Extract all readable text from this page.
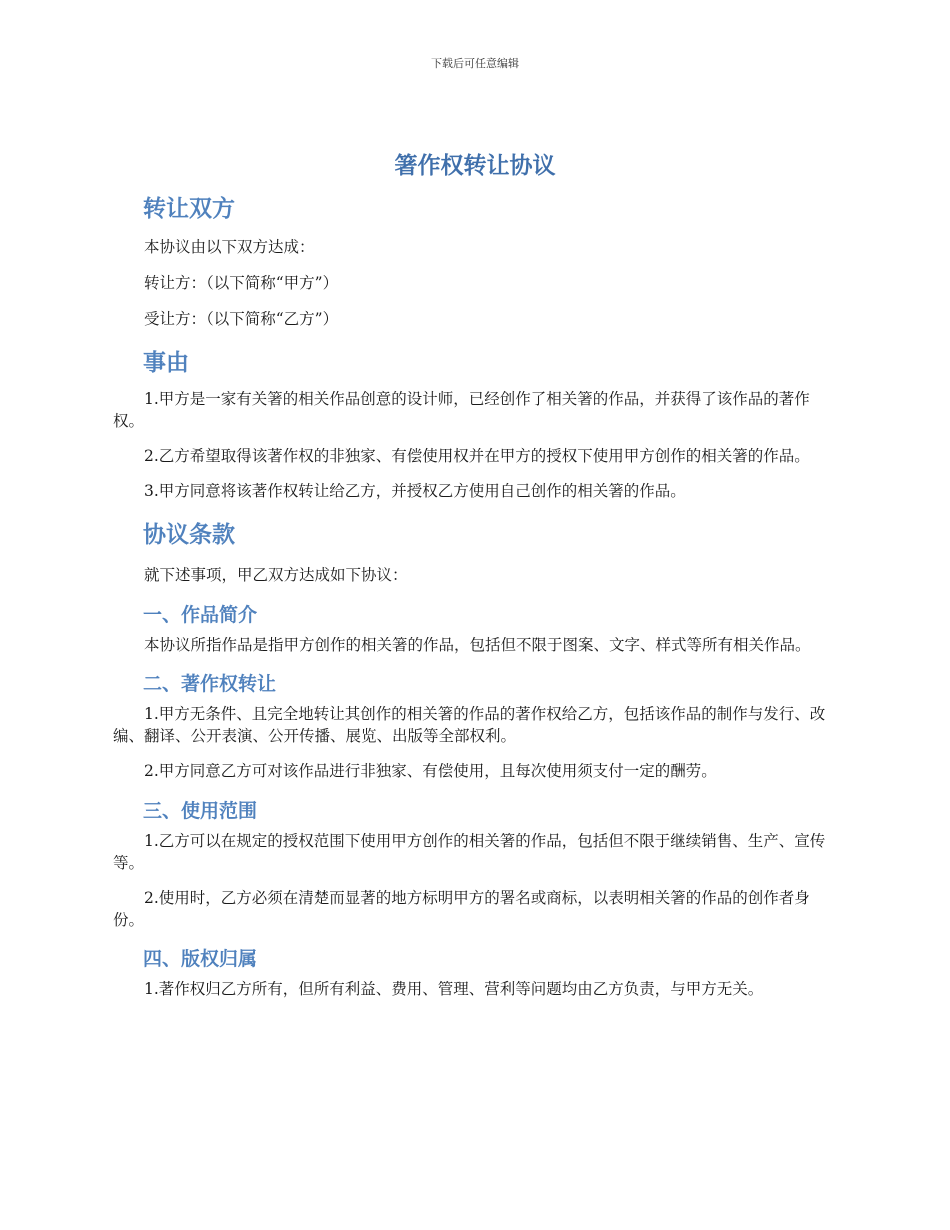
下载后可任意编辑
箸作权转让协议
转让双方
本协议由以下双方达成：
转让方：（以下简称“甲方”）
受让方：（以下简称“乙方”）
事由
1.甲方是一家有关箸的相关作品创意的设计师，已经创作了相关箸的作品，并获得了该作品的著作权。
2.乙方希望取得该著作权的非独家、有偿使用权并在甲方的授权下使用甲方创作的相关箸的作品。
3.甲方同意将该著作权转让给乙方，并授权乙方使用自己创作的相关箸的作品。
协议条款
就下述事项，甲乙双方达成如下协议：
一、作品简介
本协议所指作品是指甲方创作的相关箸的作品，包括但不限于图案、文字、样式等所有相关作品。
二、著作权转让
1.甲方无条件、且完全地转让其创作的相关箸的作品的著作权给乙方，包括该作品的制作与发行、改编、翻译、公开表演、公开传播、展览、出版等全部权利。
2.甲方同意乙方可对该作品进行非独家、有偿使用，且每次使用须支付一定的酬劳。
三、使用范围
1.乙方可以在规定的授权范围下使用甲方创作的相关箸的作品，包括但不限于继续销售、生产、宣传等。
2.使用时，乙方必须在清楚而显著的地方标明甲方的署名或商标，以表明相关箸的作品的创作者身份。
四、版权归属
1.著作权归乙方所有，但所有利益、费用、管理、营利等问题均由乙方负责，与甲方无关。
